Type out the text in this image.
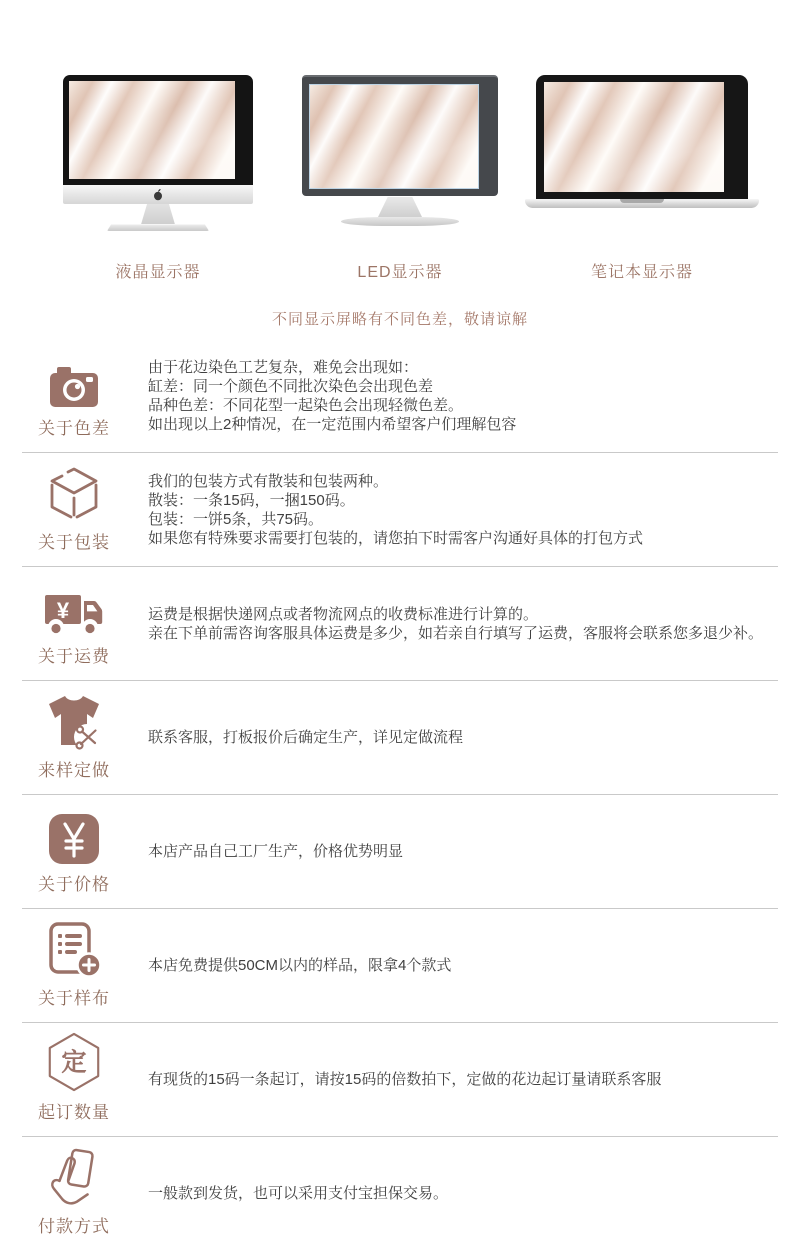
液晶显示器	LED显示器	笔记本显示器
不同显示屏略有不同色差，敬请谅解
关于色差

由于花边染色工艺复杂，难免会出现如：

缸差：同一个颜色不同批次染色会出现色差

品种色差：不同花型一起染色会出现轻微色差。

如出现以上2种情况，在一定范围内希望客户们理解包容

关于包装

我们的包装方式有散装和包装两种。

散装：一条15码，一捆150码。

包装：一饼5条，共75码。

如果您有特殊要求需要打包装的，请您拍下时需客户沟通好具体的打包方式

¥
关于运费

运费是根据快递网点或者物流网点的收费标准进行计算的。

亲在下单前需咨询客服具体运费是多少，如若亲自行填写了运费，客服将会联系您多退少补。

来样定做

联系客服，打板报价后确定生产，详见定做流程

关于价格

本店产品自己工厂生产，价格优势明显

关于样布

本店免费提供50CM以内的样品，限拿4个款式

定
起订数量

有现货的15码一条起订，请按15码的倍数拍下，定做的花边起订量请联系客服

付款方式

一般款到发货，也可以采用支付宝担保交易。
